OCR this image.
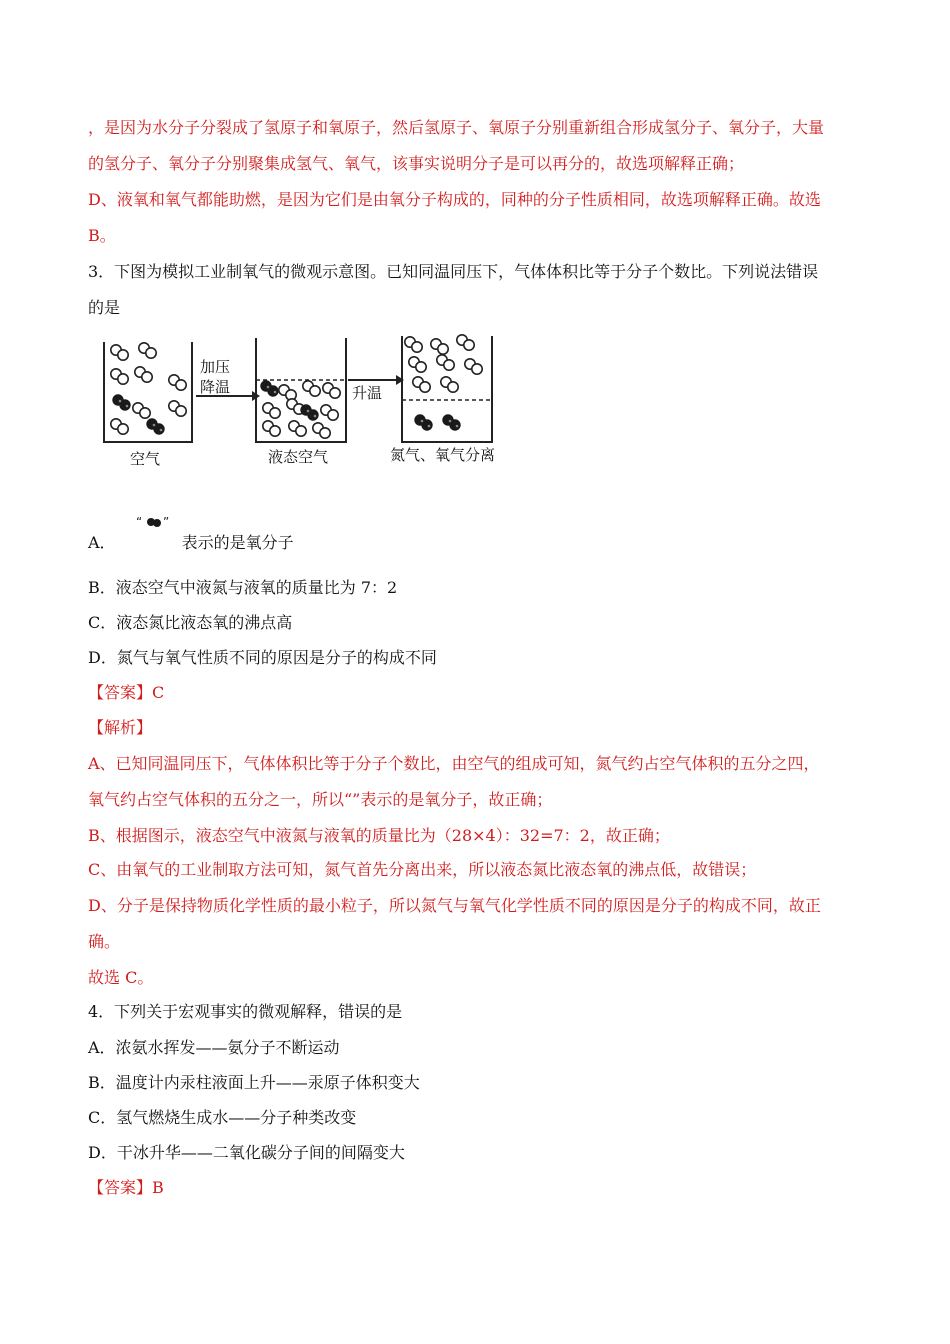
，是因为水分子分裂成了氢原子和氧原子，然后氢原子、氧原子分别重新组合形成氢分子、氧分子，大量
的氢分子、氧分子分别聚集成氢气、氧气，该事实说明分子是可以再分的，故选项解释正确；
D、液氧和氧气都能助燃，是因为它们是由氧分子构成的，同种的分子性质相同，故选项解释正确。故选
B。
3．下图为模拟工业制氧气的微观示意图。已知同温同压下，气体体积比等于分子个数比。下列说法错误
的是
加压
降温	升温
空气	液态空气	氮气、氧气分离
A．
“ ”
表示的是氧分子
B．液态空气中液氮与液氧的质量比为 7：2
C．液态氮比液态氧的沸点高
D．氮气与氧气性质不同的原因是分子的构成不同
【答案】C
【解析】
A、已知同温同压下，气体体积比等于分子个数比，由空气的组成可知，氮气约占空气体积的五分之四，
氧气约占空气体积的五分之一，所以“”表示的是氧分子，故正确；
B、根据图示，液态空气中液氮与液氧的质量比为（28×4）：32=7：2，故正确；
C、由氧气的工业制取方法可知，氮气首先分离出来，所以液态氮比液态氧的沸点低，故错误；
D、分子是保持物质化学性质的最小粒子，所以氮气与氧气化学性质不同的原因是分子的构成不同，故正
确。
故选 C。
4．下列关于宏观事实的微观解释，错误的是
A．浓氨水挥发——氨分子不断运动
B．温度计内汞柱液面上升——汞原子体积变大
C．氢气燃烧生成水——分子种类改变
D．干冰升华——二氧化碳分子间的间隔变大
【答案】B
